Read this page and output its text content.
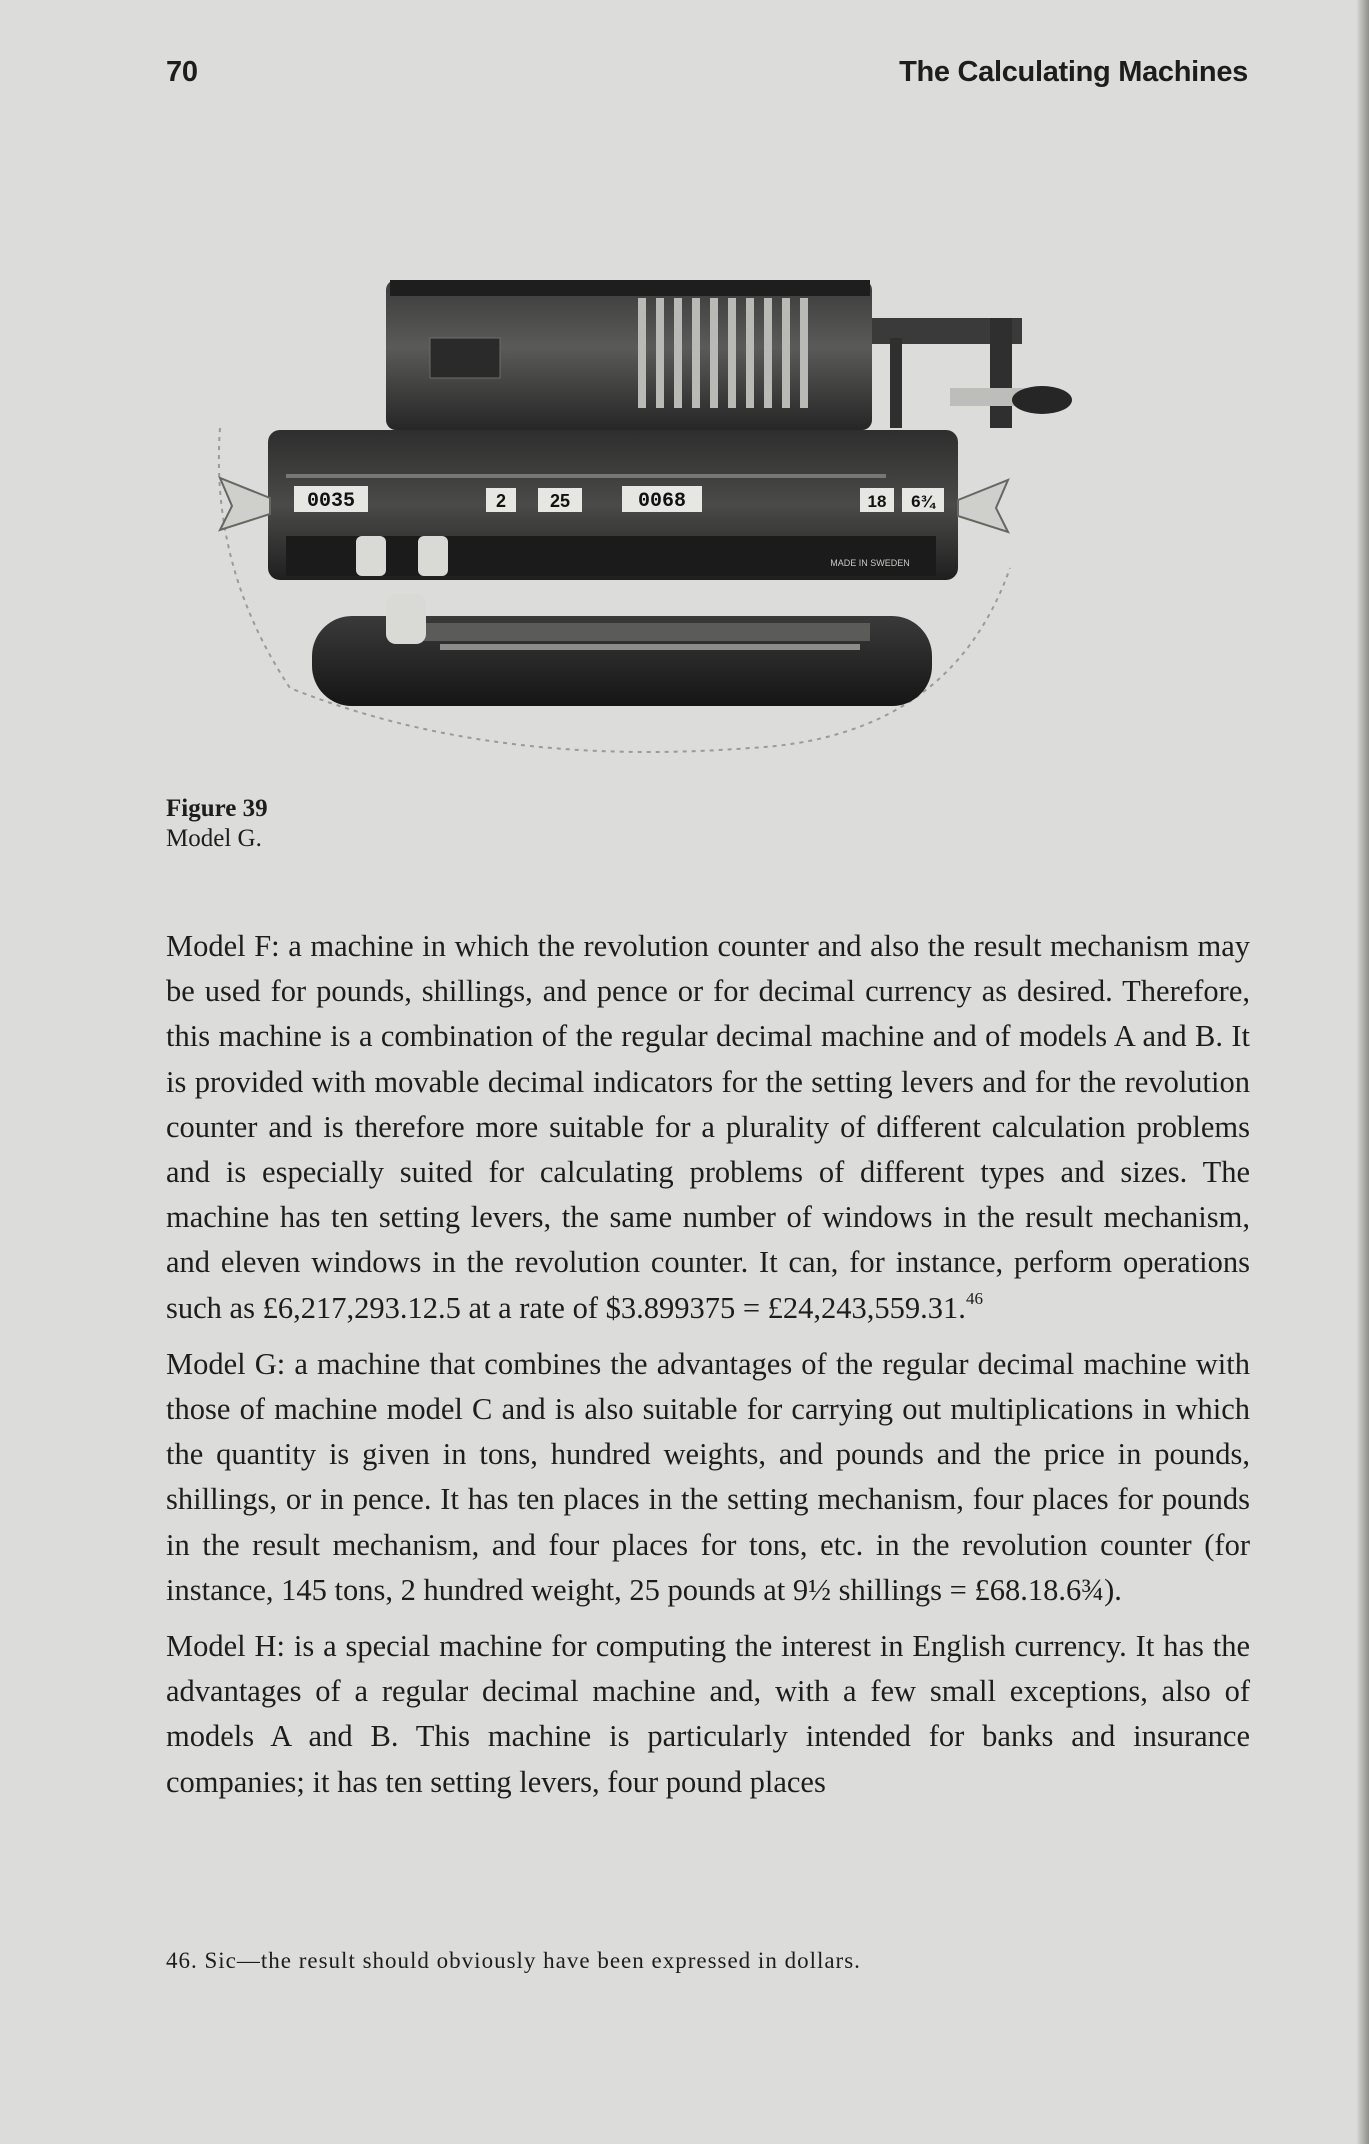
70	The Calculating Machines
0035	2 25	0068	18 6¾
MADE IN SWEDEN
Figure 39
Model G.

Model F: a machine in which the revolution counter and also the result mechanism may be used for pounds, shillings, and pence or for decimal currency as desired. Therefore, this machine is a combination of the regular decimal machine and of models A and B. It is provided with movable decimal indicators for the setting levers and for the revolution counter and is therefore more suitable for a plurality of different calculation problems and is especially suited for calculating problems of different types and sizes. The machine has ten setting levers, the same number of windows in the result mechanism, and eleven windows in the revolution counter. It can, for instance, perform operations such as £6,217,293.12.5 at a rate of $3.899375 = £24,243,559.31.46

Model G: a machine that combines the advantages of the regular decimal machine with those of machine model C and is also suitable for carrying out multiplications in which the quantity is given in tons, hundred weights, and pounds and the price in pounds, shillings, or in pence. It has ten places in the setting mechanism, four places for pounds in the result mechanism, and four places for tons, etc. in the revolution counter (for instance, 145 tons, 2 hundred weight, 25 pounds at 9½ shillings = £68.18.6¾).

Model H: is a special machine for computing the interest in English currency. It has the advantages of a regular decimal machine and, with a few small exceptions, also of models A and B. This machine is particularly intended for banks and insurance companies; it has ten setting levers, four pound places

46. Sic—the result should obviously have been expressed in dollars.
